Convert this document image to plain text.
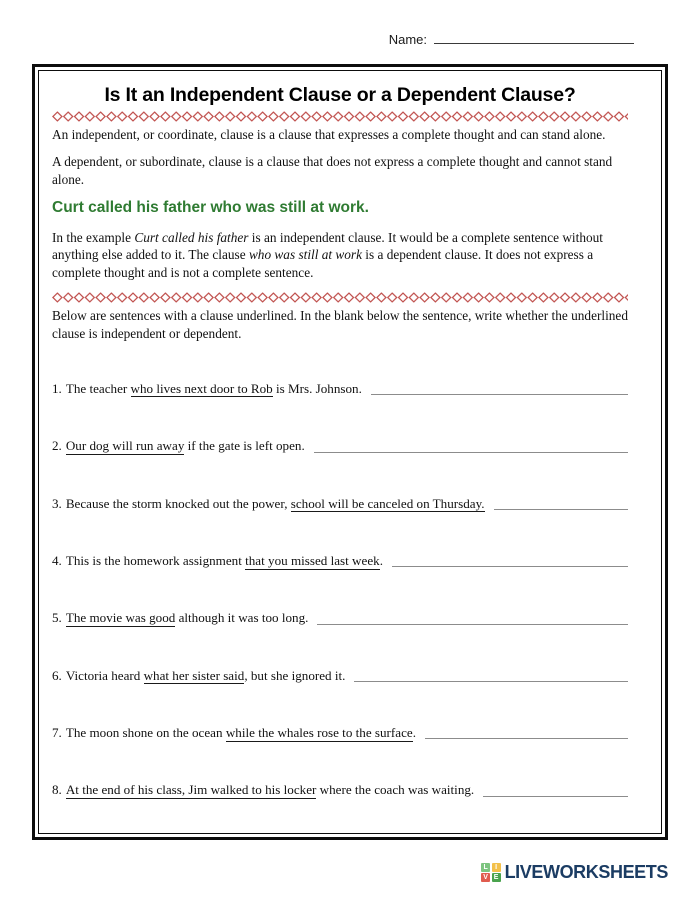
Name:
Is It an Independent Clause or a Dependent Clause?

An independent, or coordinate, clause is a clause that expresses a complete thought and can stand alone.

A dependent, or subordinate, clause is a clause that does not express a complete thought and cannot stand alone.

Curt called his father who was still at work.

In the example Curt called his father is an independent clause. It would be a complete sentence without anything else added to it. The clause who was still at work is a dependent clause. It does not express a complete thought and is not a complete sentence.

Below are sentences with a clause underlined. In the blank below the sentence, write whether the underlined clause is independent or dependent.

1. The teacher who lives next door to Rob is Mrs. Johnson.
2. Our dog will run away if the gate is left open.
3. Because the storm knocked out the power, school will be canceled on Thursday.
4. This is the homework assignment that you missed last week.
5. The movie was good although it was too long.
6. Victoria heard what her sister said, but she ignored it.
7. The moon shone on the ocean while the whales rose to the surface.
8. At the end of his class, Jim walked to his locker where the coach was waiting.
L	I
V E LIVEWORKSHEETS
